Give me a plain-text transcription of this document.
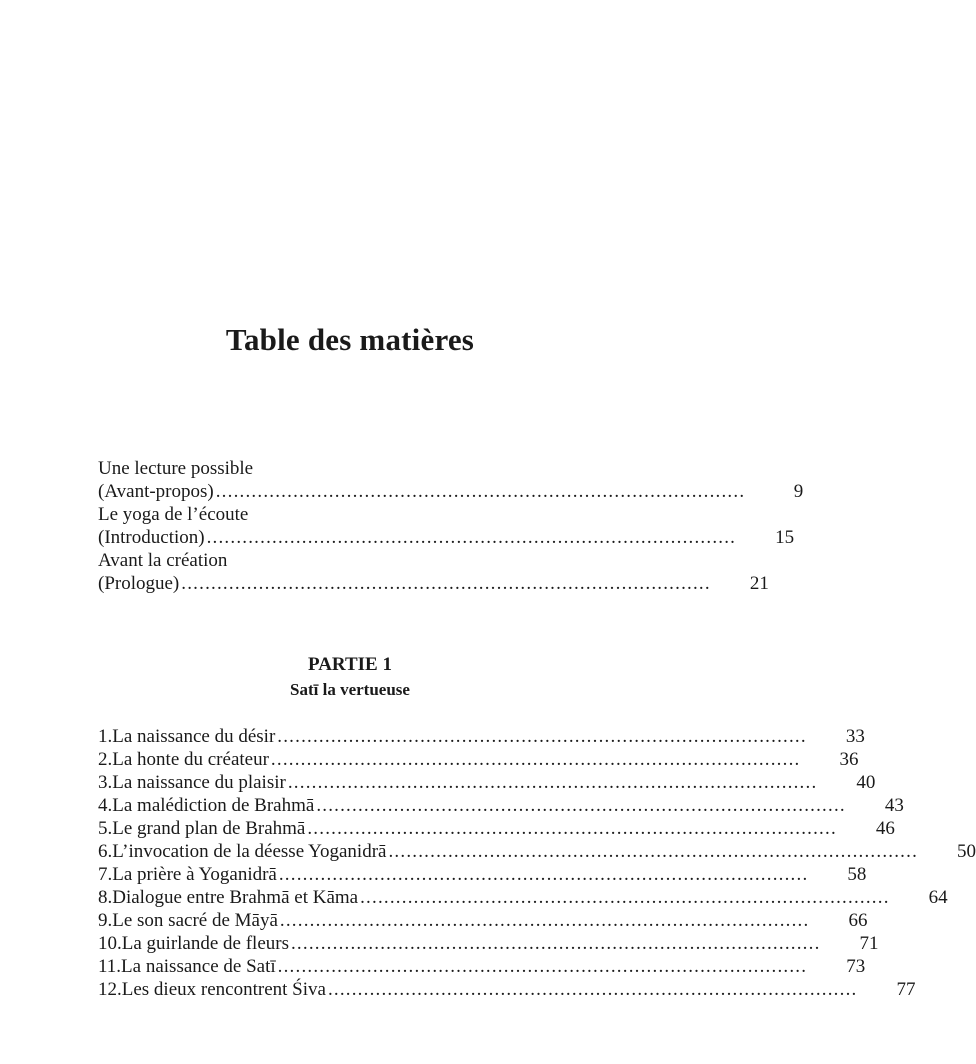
Table des matières
Une lecture possible
(Avant-propos) .........................................................................................	9
Le yoga de l’écoute
(Introduction) ......................................................................................... 15
Avant la création
(Prologue) ......................................................................................... 21
PARTIE 1
Satī la vertueuse
1. La naissance du désir ......................................................................................... 33
2. La honte du créateur ......................................................................................... 36
3. La naissance du plaisir ......................................................................................... 40
4. La malédiction de Brahmā ......................................................................................... 43
5. Le grand plan de Brahmā ......................................................................................... 46
6. L’invocation de la déesse Yoganidrā ......................................................................................... 50
7. La prière à Yoganidrā ......................................................................................... 58
8. Dialogue entre Brahmā et Kāma ......................................................................................... 64
9. Le son sacré de Māyā ......................................................................................... 66
10. La guirlande de fleurs ......................................................................................... 71
11. La naissance de Satī ......................................................................................... 73
12. Les dieux rencontrent Śiva ......................................................................................... 77
